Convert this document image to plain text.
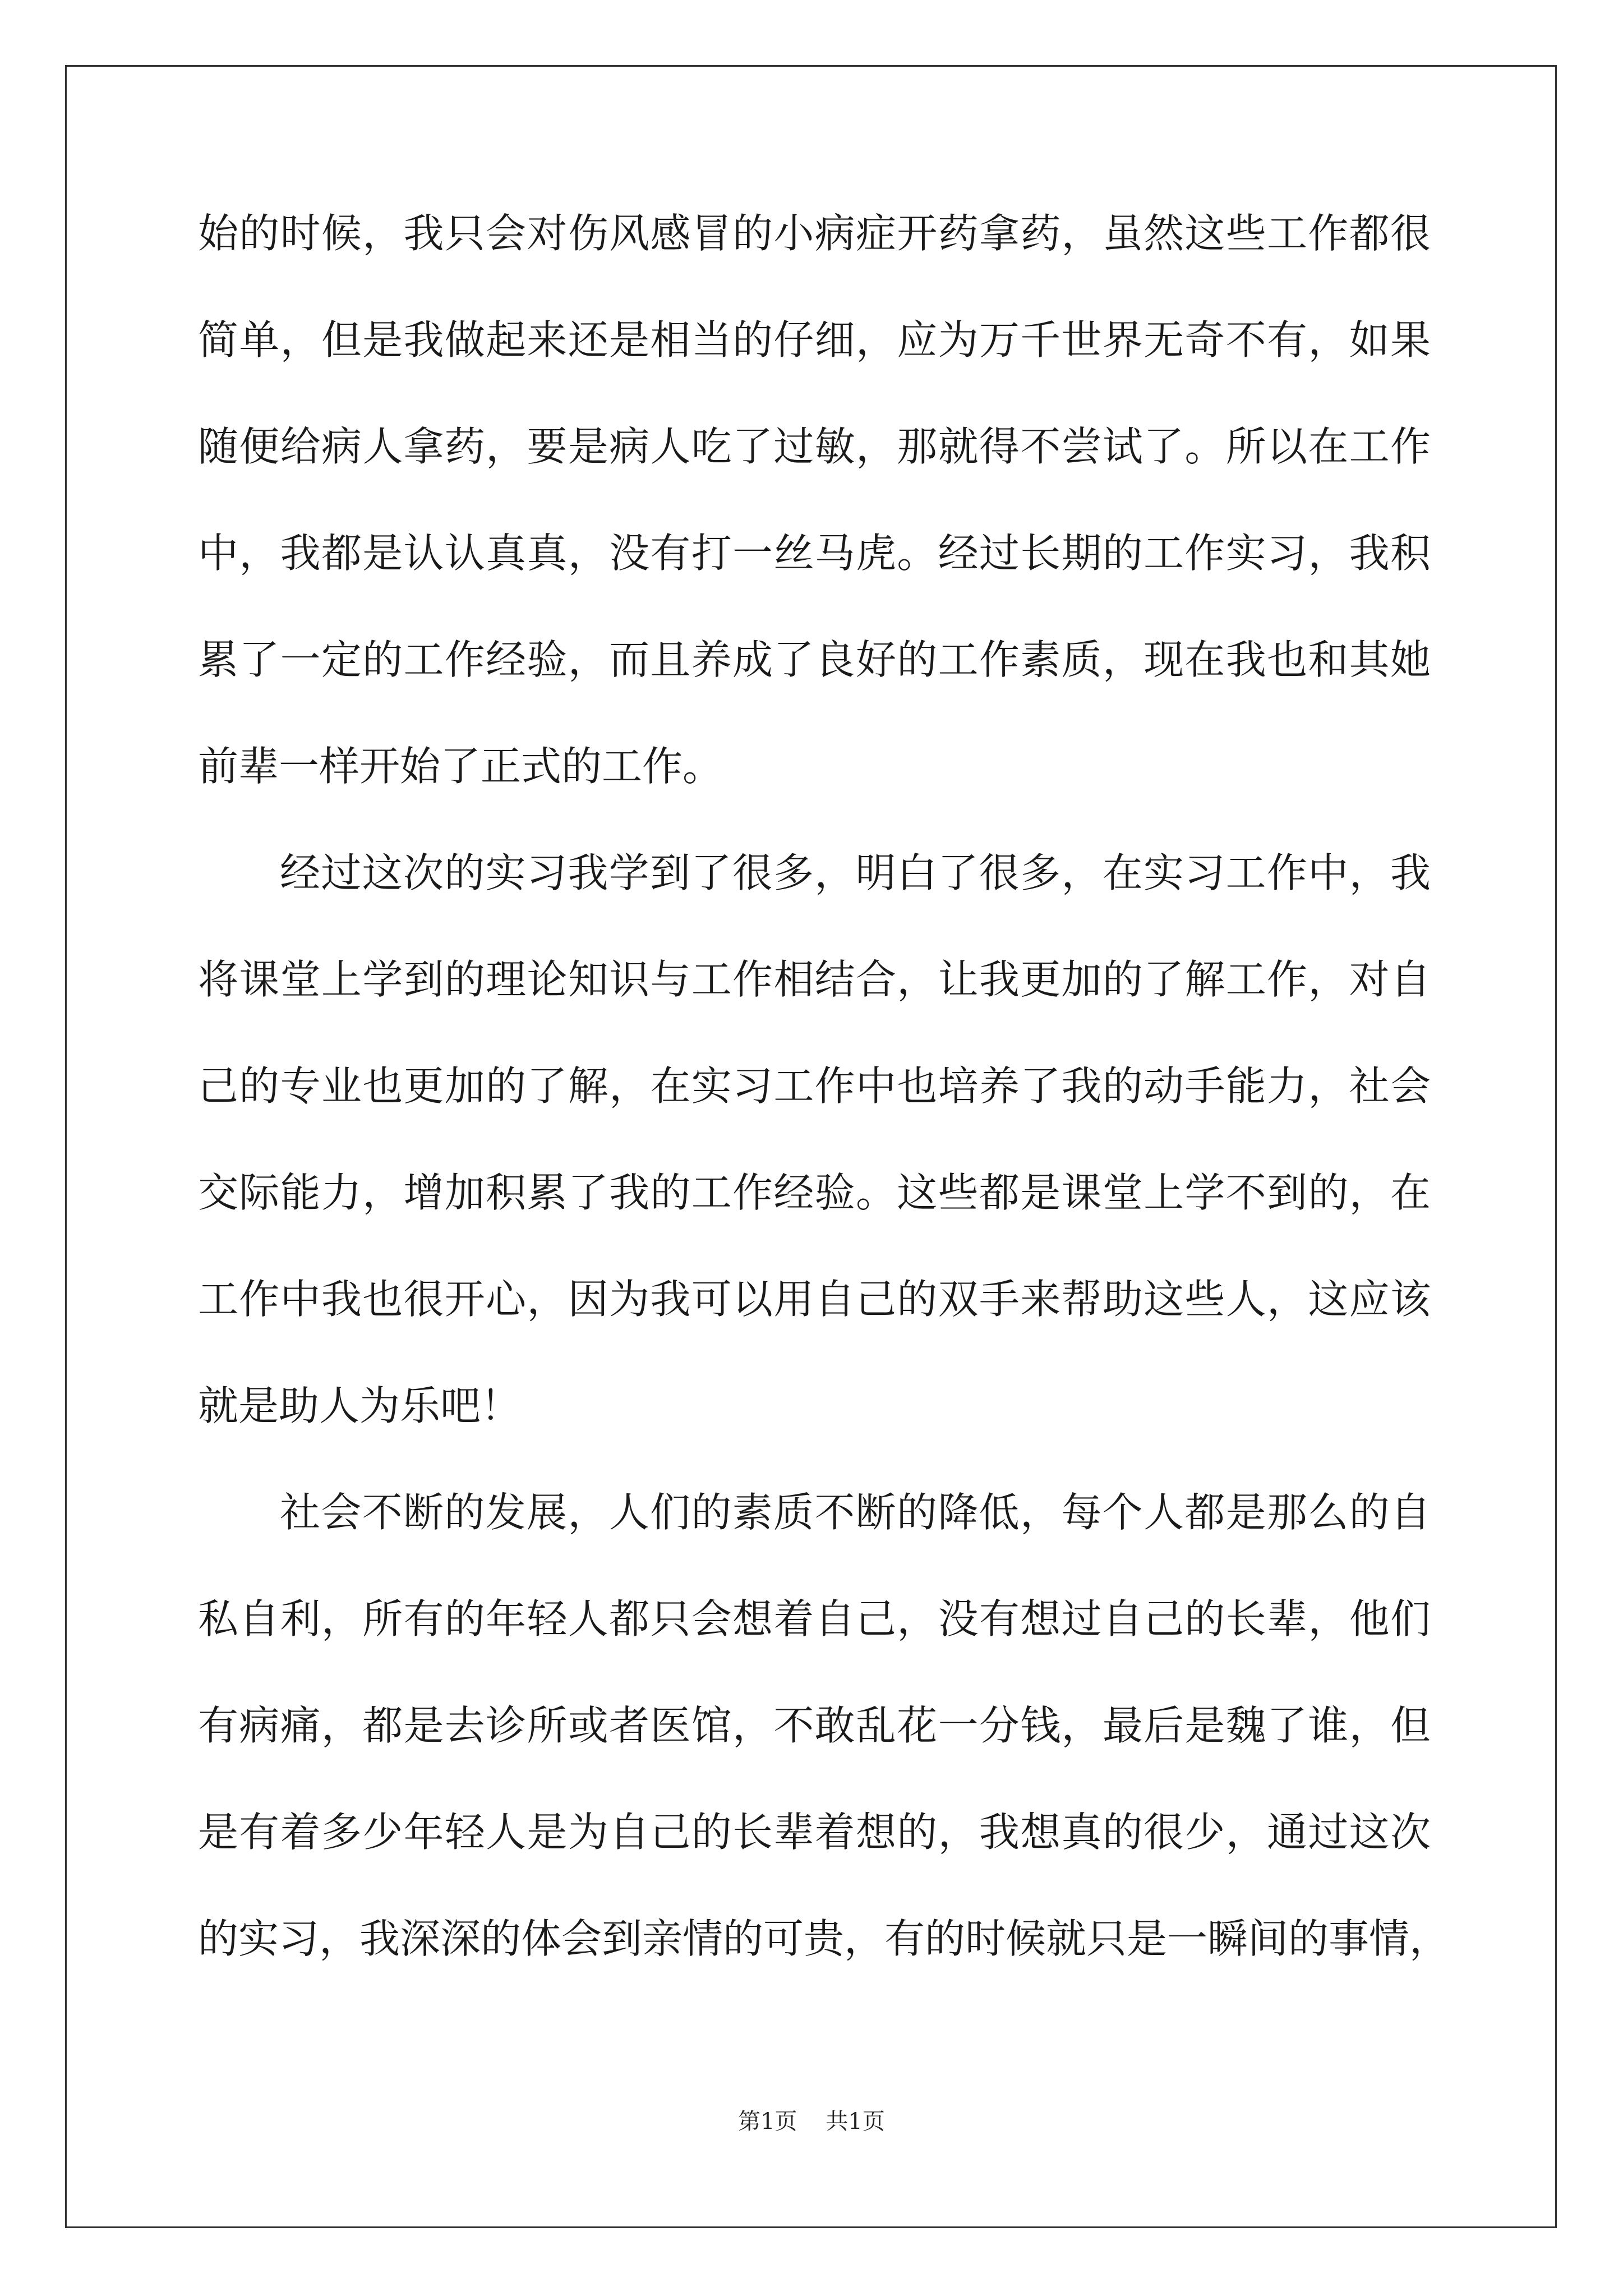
始的时候，我只会对伤风感冒的小病症开药拿药，虽然这些工作都很
简单，但是我做起来还是相当的仔细，应为万千世界无奇不有，如果
随便给病人拿药，要是病人吃了过敏，那就得不尝试了。所以在工作
中，我都是认认真真，没有打一丝马虎。经过长期的工作实习，我积
累了一定的工作经验，而且养成了良好的工作素质，现在我也和其她
前辈一样开始了正式的工作。
经过这次的实习我学到了很多，明白了很多，在实习工作中，我
将课堂上学到的理论知识与工作相结合，让我更加的了解工作，对自
己的专业也更加的了解，在实习工作中也培养了我的动手能力，社会
交际能力，增加积累了我的工作经验。这些都是课堂上学不到的，在
工作中我也很开心，因为我可以用自己的双手来帮助这些人，这应该
就是助人为乐吧！
社会不断的发展，人们的素质不断的降低，每个人都是那么的自
私自利，所有的年轻人都只会想着自己，没有想过自己的长辈，他们
有病痛，都是去诊所或者医馆，不敢乱花一分钱，最后是魏了谁，但
是有着多少年轻人是为自己的长辈着想的，我想真的很少，通过这次
的实习，我深深的体会到亲情的可贵，有的时候就只是一瞬间的事情，
第1页 共1页
